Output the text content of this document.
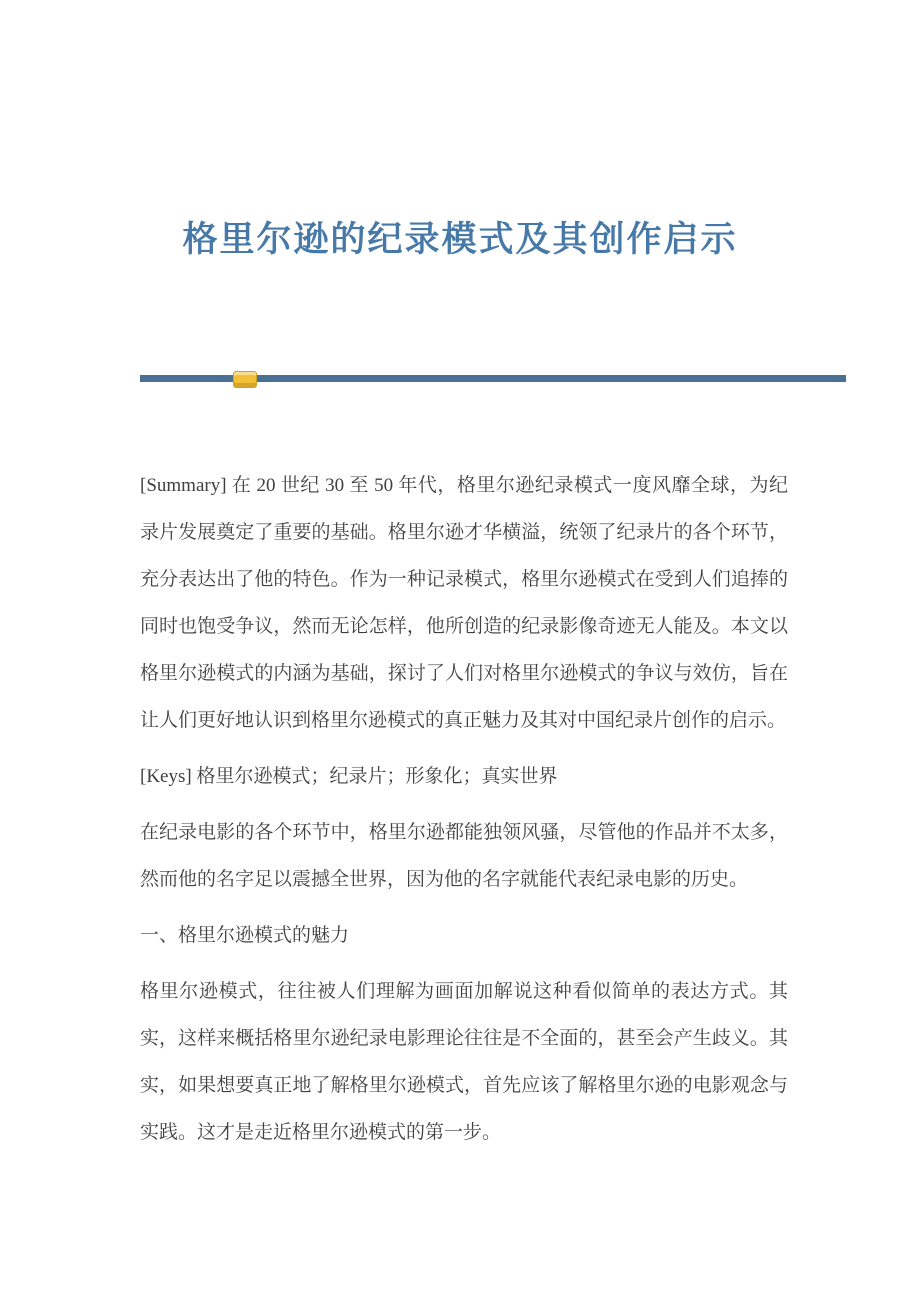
格里尔逊的纪录模式及其创作启示

[Summary] 在 20 世纪 30 至 50 年代，格里尔逊纪录模式一度风靡全球，为纪录片发展奠定了重要的基础。格里尔逊才华横溢，统领了纪录片的各个环节，充分表达出了他的特色。作为一种记录模式，格里尔逊模式在受到人们追捧的同时也饱受争议，然而无论怎样，他所创造的纪录影像奇迹无人能及。本文以格里尔逊模式的内涵为基础，探讨了人们对格里尔逊模式的争议与效仿，旨在让人们更好地认识到格里尔逊模式的真正魅力及其对中国纪录片创作的启示。

[Keys] 格里尔逊模式；纪录片；形象化；真实世界

在纪录电影的各个环节中，格里尔逊都能独领风骚，尽管他的作品并不太多，然而他的名字足以震撼全世界，因为他的名字就能代表纪录电影的历史。

一、格里尔逊模式的魅力

格里尔逊模式，往往被人们理解为画面加解说这种看似简单的表达方式。其实，这样来概括格里尔逊纪录电影理论往往是不全面的，甚至会产生歧义。其实，如果想要真正地了解格里尔逊模式，首先应该了解格里尔逊的电影观念与实践。这才是走近格里尔逊模式的第一步。
